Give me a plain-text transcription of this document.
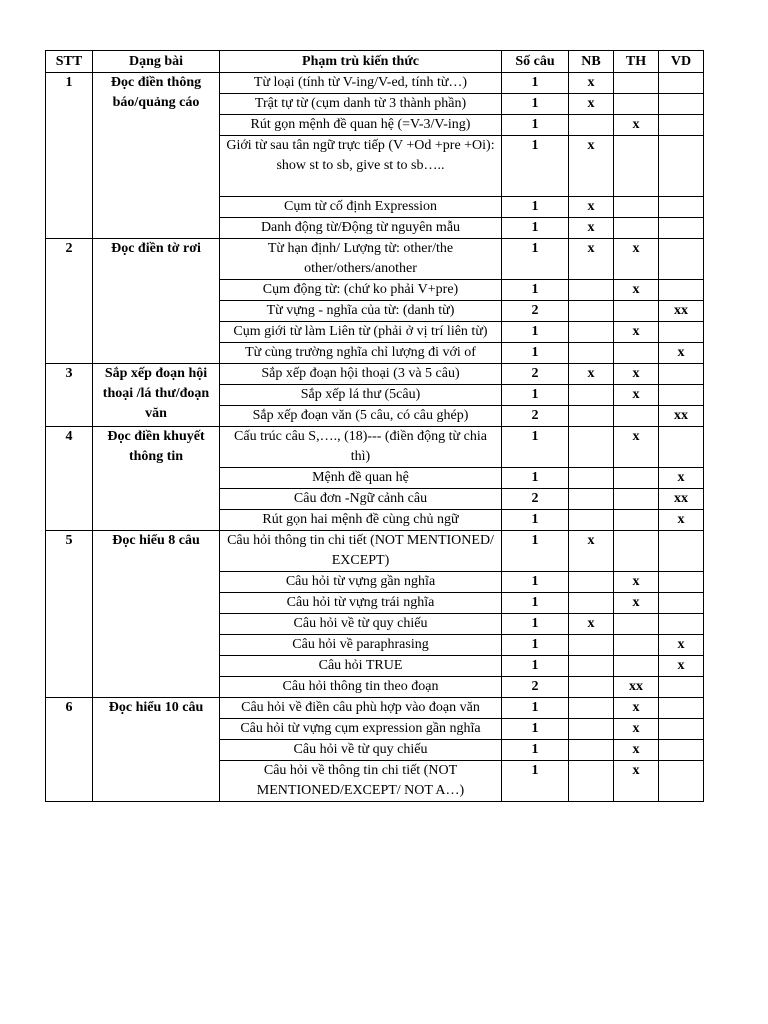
STT	Dạng bài	Phạm trù kiến thức	Số câu	NB	TH	VD
1	Đọc điền thông báo/quảng cáo	Từ loại (tính từ V-ing/V-ed, tính từ…)	1	x		
		Trật tự từ (cụm danh từ 3 thành phần)	1	x		
		Rút gọn mệnh đề quan hệ (=V-3/V-ing)	1		x	
		Giới từ sau tân ngữ trực tiếp (V +Od +pre +Oi): show st to sb, give st to sb…..	1	x		
		Cụm từ cố định Expression	1	x		
		Danh động từ/Động từ nguyên mẫu	1	x		
2	Đọc điền tờ rơi	Từ hạn định/ Lượng từ: other/the other/others/another	1	x	x	
		Cụm động từ: (chứ ko phải V+pre)	1		x	
		Từ vựng - nghĩa của từ: (danh từ)	2			xx
		Cụm giới từ làm Liên từ (phải ở vị trí liên từ)	1		x	
		Từ cùng trường nghĩa chỉ lượng đi với of	1			x
3	Sắp xếp đoạn hội thoại /lá thư/đoạn văn	Sắp xếp đoạn hội thoại (3 và 5 câu)	2	x	x	
		Sắp xếp lá thư (5câu)	1		x	
		Sắp xếp đoạn văn (5 câu, có câu ghép)	2			xx
4	Đọc điền khuyết thông tin	Cấu trúc câu S,…., (18)--- (điền động từ chia thì)	1		x	
		Mệnh đề quan hệ	1			x
		Câu đơn -Ngữ cảnh câu	2			xx
		Rút gọn hai mệnh đề cùng chủ ngữ	1			x
5	Đọc hiểu 8 câu	Câu hỏi thông tin chi tiết (NOT MENTIONED/ EXCEPT)	1	x		
		Câu hỏi từ vựng gần nghĩa	1		x	
		Câu hỏi từ vựng trái nghĩa	1		x	
		Câu hỏi về từ quy chiếu	1	x		
		Câu hỏi về paraphrasing	1			x
		Câu hỏi TRUE	1			x
		Câu hỏi thông tin theo đoạn	2		xx	
6	Đọc hiểu 10 câu	Câu hỏi về điền câu phù hợp vào đoạn văn	1		x	
		Câu hỏi từ vựng cụm expression gần nghĩa	1		x	
		Câu hỏi về từ quy chiếu	1		x	
		Câu hỏi về thông tin chi tiết (NOT MENTIONED/EXCEPT/ NOT A…)	1		x	
